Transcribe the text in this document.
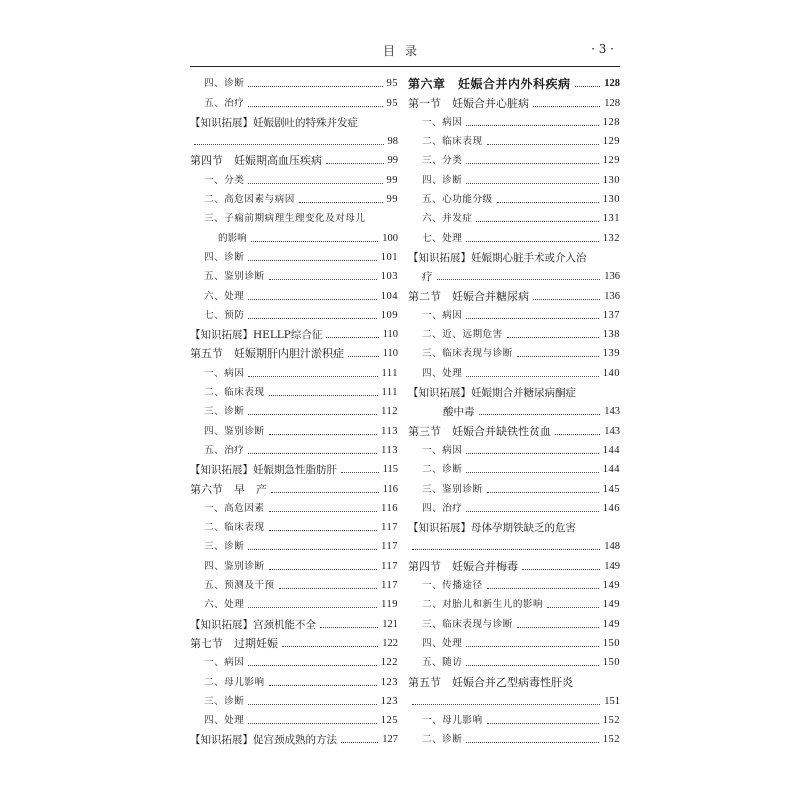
目录	· 3 ·
四、诊断	95
五、治疗	95
【知识拓展】妊娠剧吐的特殊并发症
98
第四节　妊娠期高血压疾病	99
一、分类	99
二、高危因素与病因	99
三、子痫前期病理生理变化及对母儿
的影响	100
四、诊断	101
五、鉴别诊断	103
六、处理	104
七、预防	109
【知识拓展】HELLP综合征	110
第五节　妊娠期肝内胆汁淤积症	110
一、病因	111
二、临床表现	111
三、诊断	112
四、鉴别诊断	113
五、治疗	113
【知识拓展】妊娠期急性脂肪肝	115
第六节　早　产	116
一、高危因素	116
二、临床表现	117
三、诊断	117
四、鉴别诊断	117
五、预测及干预	117
六、处理	119
【知识拓展】宫颈机能不全	121
第七节　过期妊娠	122
一、病因	122
二、母儿影响	123
三、诊断	123
四、处理	125
【知识拓展】促宫颈成熟的方法	127
第六章　妊娠合并内外科疾病	128
第一节　妊娠合并心脏病	128
一、病因	128
二、临床表现	129
三、分类	129
四、诊断	130
五、心功能分级	130
六、并发症	131
七、处理	132
【知识拓展】妊娠期心脏手术或介入治
疗	136
第二节　妊娠合并糖尿病	136
一、病因	137
二、近、远期危害	138
三、临床表现与诊断	139
四、处理	140
【知识拓展】妊娠期合并糖尿病酮症
　　酸中毒	143
第三节　妊娠合并缺铁性贫血	143
一、病因	144
二、诊断	144
三、鉴别诊断	145
四、治疗	146
【知识拓展】母体孕期铁缺乏的危害
148
第四节　妊娠合并梅毒	149
一、传播途径	149
二、对胎儿和新生儿的影响	149
三、临床表现与诊断	149
四、处理	150
五、随访	150
第五节　妊娠合并乙型病毒性肝炎
151
一、母儿影响	152
二、诊断	152
